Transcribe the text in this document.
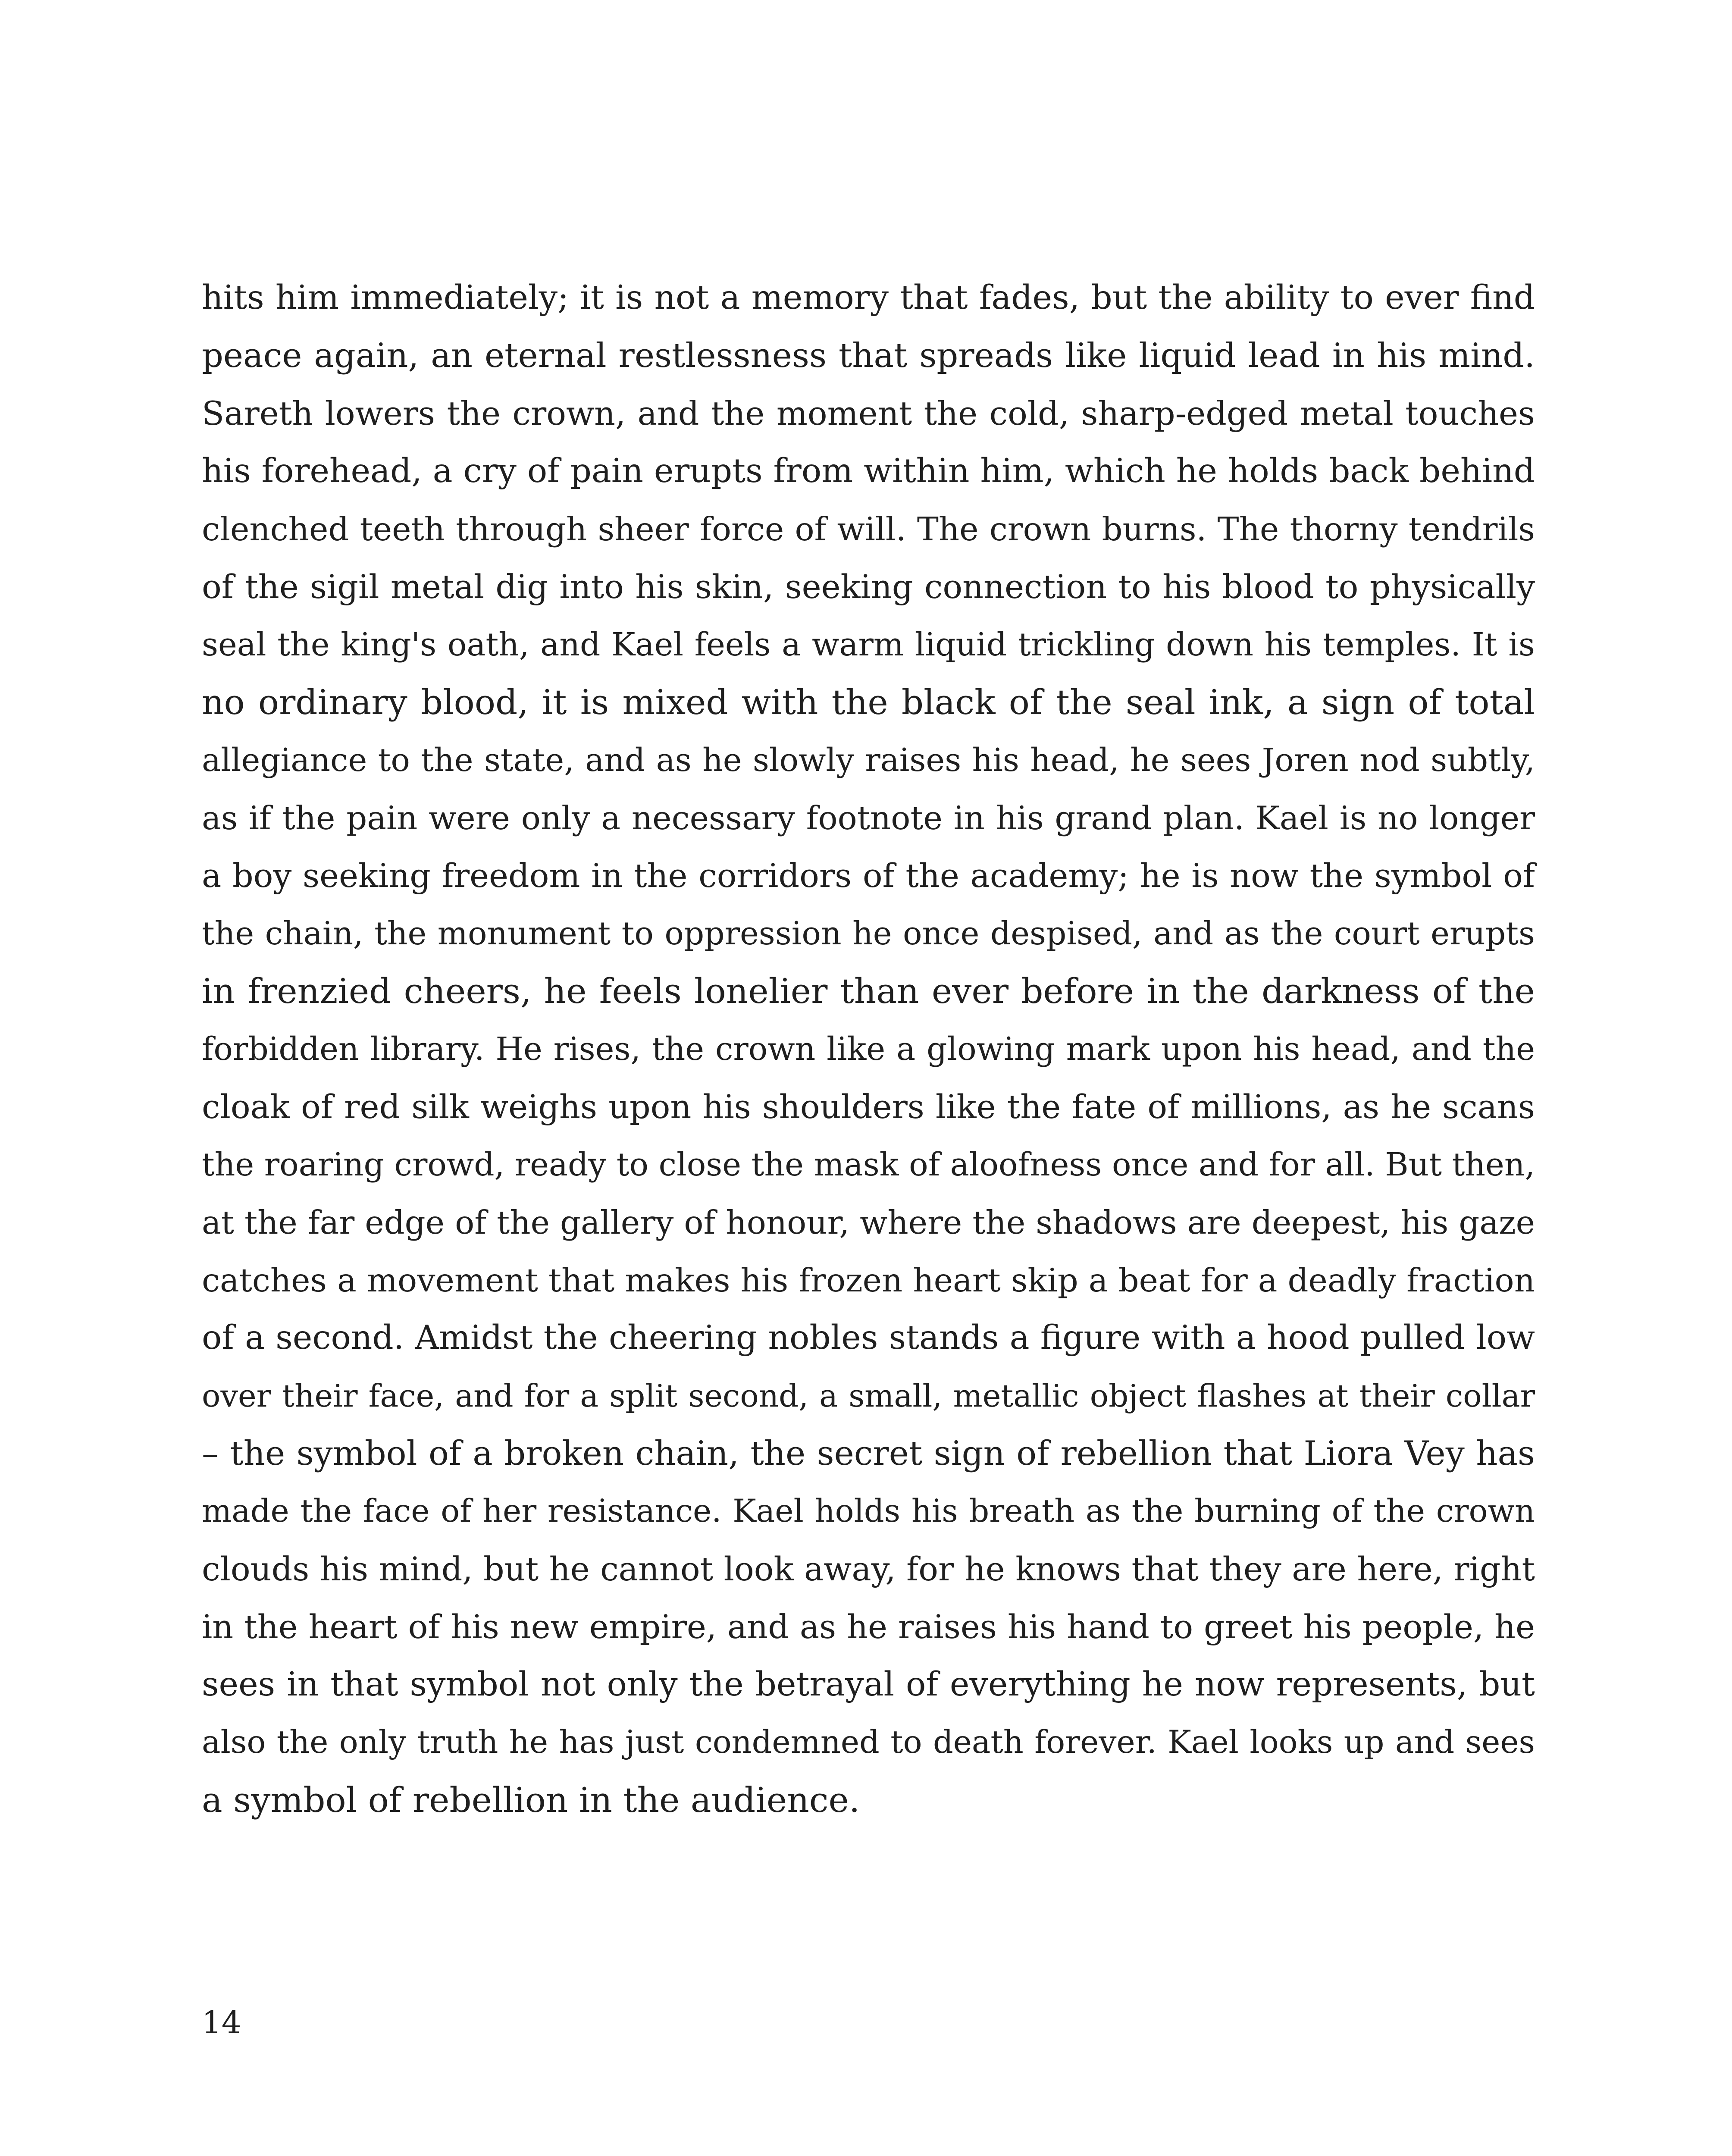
hits him immediately; it is not a memory that fades, but the ability to ever find
peace again, an eternal restlessness that spreads like liquid lead in his mind.
Sareth lowers the crown, and the moment the cold, sharp-edged metal touches
his forehead, a cry of pain erupts from within him, which he holds back behind
clenched teeth through sheer force of will. The crown burns. The thorny tendrils
of the sigil metal dig into his skin, seeking connection to his blood to physically
seal the king's oath, and Kael feels a warm liquid trickling down his temples. It is
no ordinary blood, it is mixed with the black of the seal ink, a sign of total
allegiance to the state, and as he slowly raises his head, he sees Joren nod subtly,
as if the pain were only a necessary footnote in his grand plan. Kael is no longer
a boy seeking freedom in the corridors of the academy; he is now the symbol of
the chain, the monument to oppression he once despised, and as the court erupts
in frenzied cheers, he feels lonelier than ever before in the darkness of the
forbidden library. He rises, the crown like a glowing mark upon his head, and the
cloak of red silk weighs upon his shoulders like the fate of millions, as he scans
the roaring crowd, ready to close the mask of aloofness once and for all. But then,
at the far edge of the gallery of honour, where the shadows are deepest, his gaze
catches a movement that makes his frozen heart skip a beat for a deadly fraction
of a second. Amidst the cheering nobles stands a figure with a hood pulled low
over their face, and for a split second, a small, metallic object flashes at their collar
– the symbol of a broken chain, the secret sign of rebellion that Liora Vey has
made the face of her resistance. Kael holds his breath as the burning of the crown
clouds his mind, but he cannot look away, for he knows that they are here, right
in the heart of his new empire, and as he raises his hand to greet his people, he
sees in that symbol not only the betrayal of everything he now represents, but
also the only truth he has just condemned to death forever. Kael looks up and sees
a symbol of rebellion in the audience.
14
